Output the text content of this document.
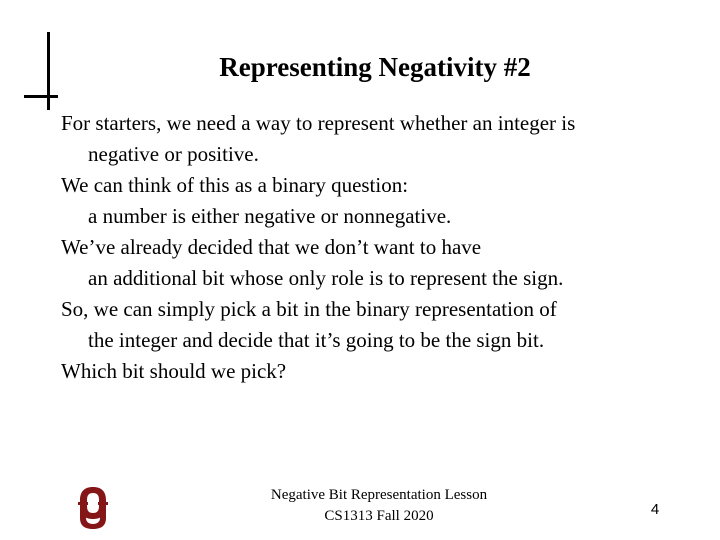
Representing Negativity #2

For starters, we need a way to represent whether an integer is
negative or positive.

We can think of this as a binary question:
a number is either negative or nonnegative.

We’ve already decided that we don’t want to have
an additional bit whose only role is to represent the sign.

So, we can simply pick a bit in the binary representation of
the integer and decide that it’s going to be the sign bit.

Which bit should we pick?

Negative Bit Representation Lesson
CS1313 Fall 2020	4
